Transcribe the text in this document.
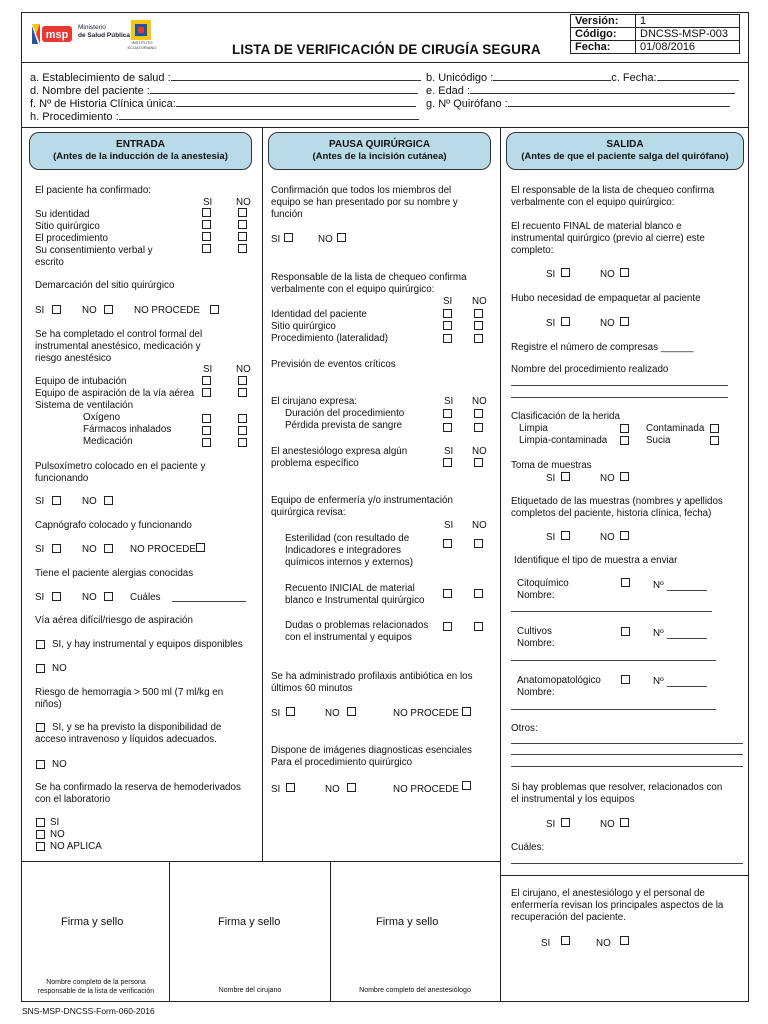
msp
Ministerio
de Salud Pública
INSTITUTO
ECUATORIANO	LISTA DE VERIFICACIÓN DE CIRUGÍA SEGURA
Versión:	1
Código:	DNCSS-MSP-003
Fecha:	01/08/2016
a. Establecimiento de salud :	b. Unicódigo :	c. Fecha:
d. Nombre del paciente :	e. Edad :
f. Nº de Historia Clínica única:	g. Nº Quirófano :
h. Procedimiento :
ENTRADA
(Antes de la inducción de la anestesia)
PAUSA QUIRÚRGICA
(Antes de la incisión cutánea)
SALIDA
(Antes de que el paciente salga del quirófano)
El paciente ha confirmado:
SI NO
Su identidad
Sitio quirúrgico
El procedimiento
Su consentimiento verbal y
escrito
Demarcación del sitio quirúrgico
SI	NO	NO PROCEDE
Se ha completado el control formal del
instrumental anestésico, medicación y
riesgo anestésico
SI NO
Equipo de intubación
Equipo de aspiración de la vía aérea
Sistema de ventilación
Oxígeno
Fármacos inhalados
Medicación
Pulsoxímetro colocado en el paciente y
funcionando
SI	NO
Capnógrafo colocado y funcionando
SI	NO	NO PROCEDE
Tiene el paciente alergias conocidas
SI	NO	Cuáles
Vía aérea difícil/riesgo de aspiración
SI, y hay instrumental y equipos disponibles
NO
Riesgo de hemorragia > 500 ml (7 ml/kg en
niños)
SI, y se ha previsto la disponibilidad de
acceso intravenoso y líquidos adecuados.
NO
Se ha confirmado la reserva de hemoderivados
con el laboratorio
SI
NO
NO APLICA
Confirmación que todos los miembros del
equipo se han presentado por su nombre y
función
SI	NO
Responsable de la lista de chequeo confirma
verbalmente con el equipo quirúrgico:
SI NO
Identidad del paciente
Sitio quirúrgico
Procedimiento (lateralidad)
Previsión de eventos críticos
El cirujano expresa:	SI NO
Duración del procedimiento
Pérdida prevista de sangre
El anestesiólogo expresa algún
problema específico
SI NO
Equipo de enfermería y/o instrumentación
quirúrgica revisa:
SI NO
Esterilidad (con resultado de
Indicadores e integradores
químicos internos y externos)
Recuento INICIAL de material
blanco e Instrumental quirúrgico
Dudas o problemas relacionados
con el instrumental y equipos
Se ha administrado profilaxis antibiótica en los
últimos 60 minutos
SI	NO	NO PROCEDE
Dispone de imágenes diagnosticas esenciales
Para el procedimiento quirúrgico
SI	NO	NO PROCEDE
El responsable de la lista de chequeo confirma
verbalmente con el equipo quirúrgico:
El recuento FINAL de material blanco e
instrumental quirúrgico (previo al cierre) este
completo:
SI	NO
Hubo necesidad de empaquetar al paciente
SI	NO
Registre el número de compresas ______
Nombre del procedimiento realizado
Clasificación de la herida
Limpia	Contaminada
Limpia-contaminada	Sucia
Toma de muestras
SI	NO
Etiquetado de las muestras (nombres y apellidos
completos del paciente, historia clínica, fecha)
SI	NO
Identifique el tipo de muestra a enviar
Citoquímico	Nº
Nombre:
Cultivos	Nº
Nombre:
Anatomopatológico	Nº
Nombre:
Otros:
Si hay problemas que resolver, relacionados con
el instrumental y los equipos
SI	NO
Cuáles:
El cirujano, el anestesiólogo y el personal de
enfermería revisan los principales aspectos de la
recuperación del paciente.
SI	NO
Firma y sello	Firma y sello	Firma y sello
Nombre completo de la persona
responsable de la lista de verificación	Nombre del cirujano	Nombre completo del anestesiólogo
SNS-MSP-DNCSS-Form-060-2016
